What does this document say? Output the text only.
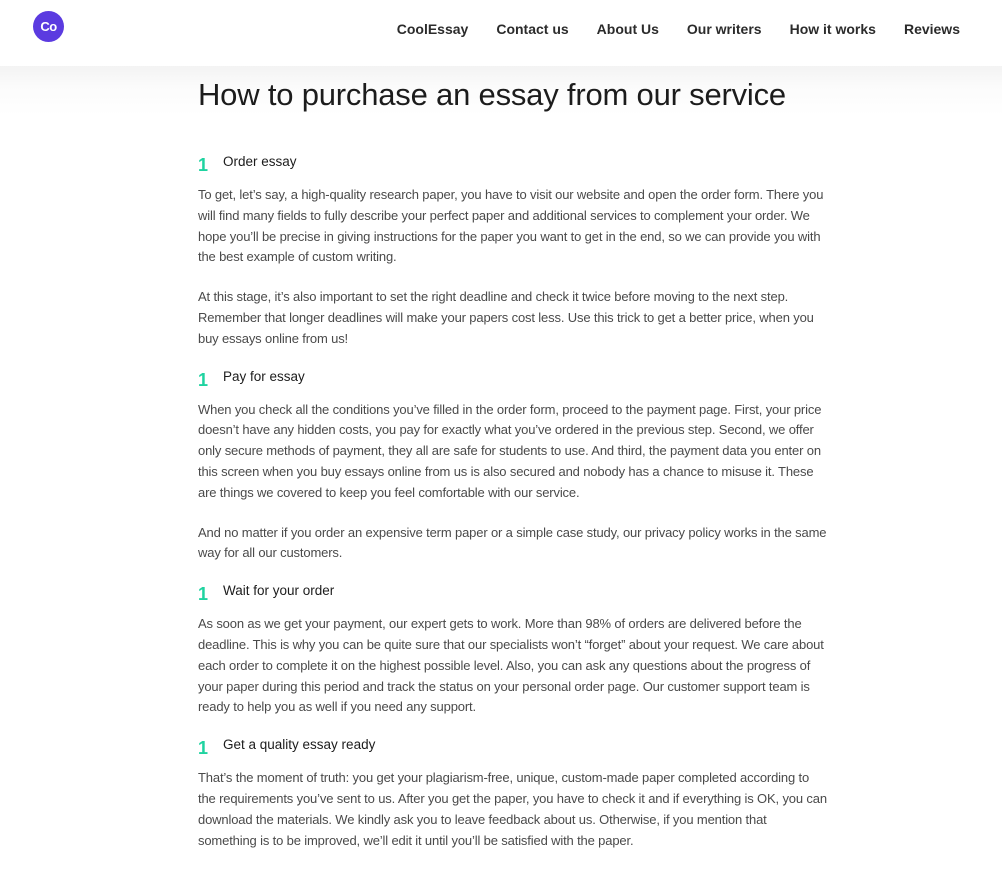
Co	CoolEssay Contact us About Us Our writers How it works Reviews
How to purchase an essay from our service
1	Order essay

To get, let’s say, a high-quality research paper, you have to visit our website and open the order form. There you will find many fields to fully describe your perfect paper and additional services to complement your order. We hope you’ll be precise in giving instructions for the paper you want to get in the end, so we can provide you with the best example of custom writing.

At this stage, it’s also important to set the right deadline and check it twice before moving to the next step. Remember that longer deadlines will make your papers cost less. Use this trick to get a better price, when you buy essays online from us!

1	Pay for essay

When you check all the conditions you’ve filled in the order form, proceed to the payment page. First, your price doesn’t have any hidden costs, you pay for exactly what you’ve ordered in the previous step. Second, we offer only secure methods of payment, they all are safe for students to use. And third, the payment data you enter on this screen when you buy essays online from us is also secured and nobody has a chance to misuse it. These are things we covered to keep you feel comfortable with our service.

And no matter if you order an expensive term paper or a simple case study, our privacy policy works in the same way for all our customers.

1	Wait for your order

As soon as we get your payment, our expert gets to work. More than 98% of orders are delivered before the deadline. This is why you can be quite sure that our specialists won’t “forget” about your request. We care about each order to complete it on the highest possible level. Also, you can ask any questions about the progress of your paper during this period and track the status on your personal order page. Our customer support team is ready to help you as well if you need any support.

1	Get a quality essay ready

That’s the moment of truth: you get your plagiarism-free, unique, custom-made paper completed according to the requirements you’ve sent to us. After you get the paper, you have to check it and if everything is OK, you can download the materials. We kindly ask you to leave feedback about us. Otherwise, if you mention that something is to be improved, we’ll edit it until you’ll be satisfied with the paper.
